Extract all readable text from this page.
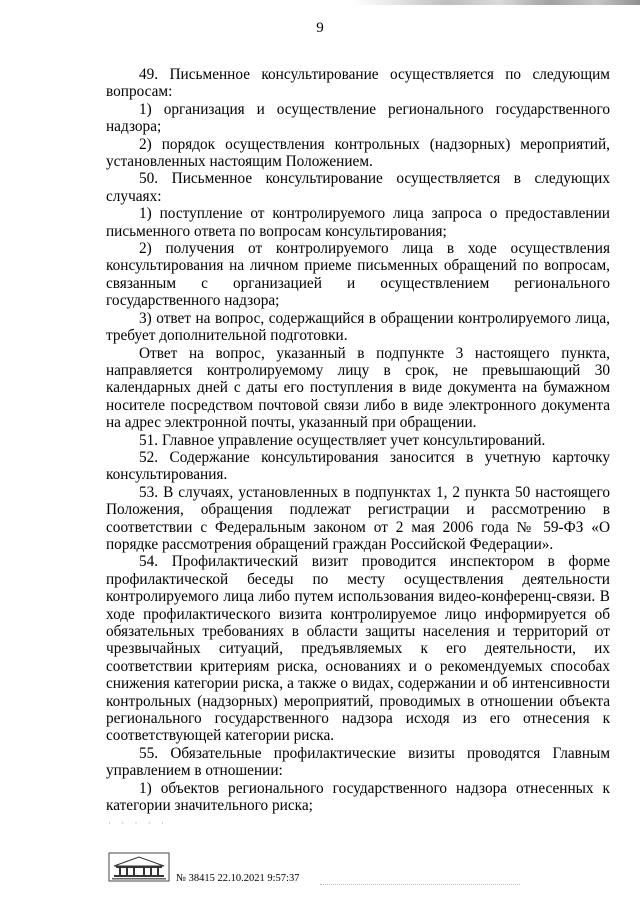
9

49. Письменное консультирование осуществляется по следующим вопросам:

1) организация и осуществление регионального государственного надзора;

2) порядок осуществления контрольных (надзорных) мероприятий, установленных настоящим Положением.

50. Письменное консультирование осуществляется в следующих случаях:

1) поступление от контролируемого лица запроса о предоставлении письменного ответа по вопросам консультирования;

2) получения от контролируемого лица в ходе осуществления консультирования на личном приеме письменных обращений по вопросам, связанным с организацией и осуществлением регионального государственного надзора;

3) ответ на вопрос, содержащийся в обращении контролируемого лица, требует дополнительной подготовки.

Ответ на вопрос, указанный в подпункте 3 настоящего пункта, направляется контролируемому лицу в срок, не превышающий 30 календарных дней с даты его поступления в виде документа на бумажном носителе посредством почтовой связи либо в виде электронного документа на адрес электронной почты, указанный при обращении.

51. Главное управление осуществляет учет консультирований.

52. Содержание консультирования заносится в учетную карточку консультирования.

53. В случаях, установленных в подпунктах 1, 2 пункта 50 настоящего Положения, обращения подлежат регистрации и рассмотрению в соответствии с Федеральным законом от 2 мая 2006 года № 59-ФЗ «О порядке рассмотрения обращений граждан Российской Федерации».

54. Профилактический визит проводится инспектором в форме профилактической беседы по месту осуществления деятельности контролируемого лица либо путем использования видео-конференц-связи. В ходе профилактического визита контролируемое лицо информируется об обязательных требованиях в области защиты населения и территорий от чрезвычайных ситуаций, предъявляемых к его деятельности, их соответствии критериям риска, основаниях и о рекомендуемых способах снижения категории риска, а также о видах, содержании и об интенсивности контрольных (надзорных) мероприятий, проводимых в отношении объекта регионального государственного надзора исходя из его отнесения к соответствующей категории риска.

55. Обязательные профилактические визиты проводятся Главным управлением в отношении:

1) объектов регионального государственного надзора отнесенных к категории значительного риска;

· · · · ·
№ 38415 22.10.2021 9:57:37
